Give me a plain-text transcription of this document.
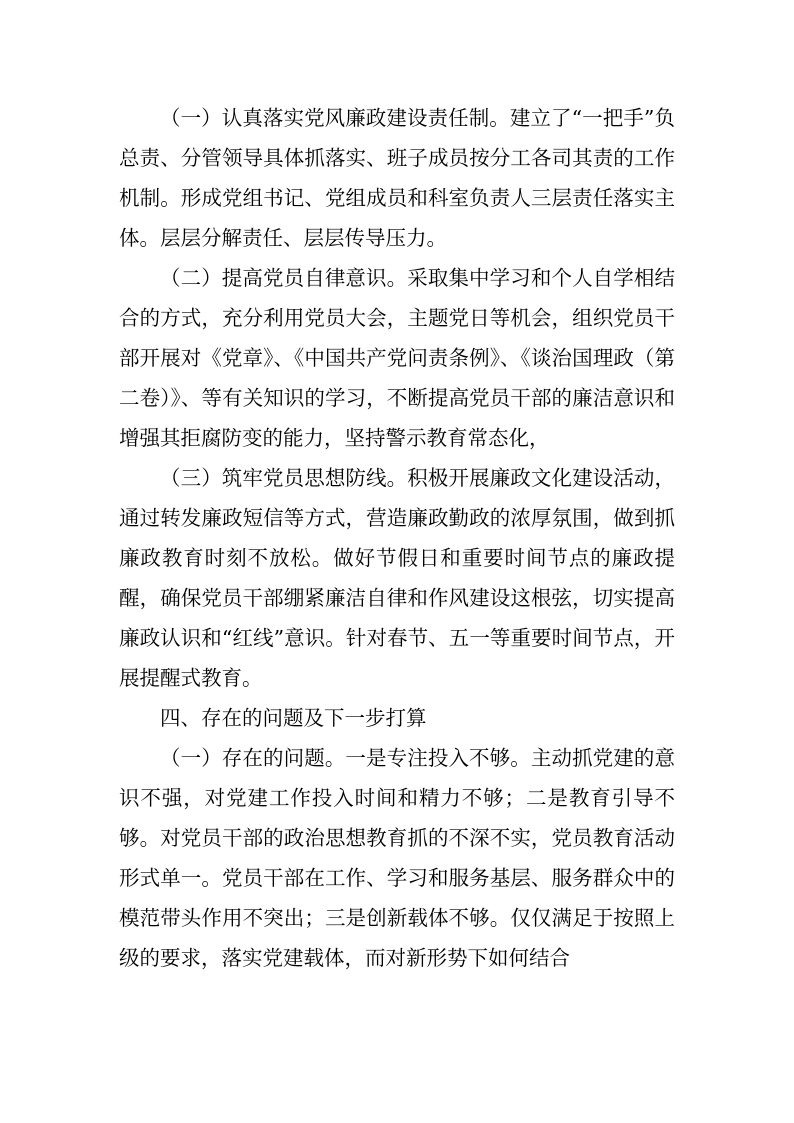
（一）认真落实党风廉政建设责任制。建立了“一把手”负总责、分管领导具体抓落实、班子成员按分工各司其责的工作机制。形成党组书记、党组成员和科室负责人三层责任落实主体。层层分解责任、层层传导压力。

（二）提高党员自律意识。采取集中学习和个人自学相结合的方式，充分利用党员大会，主题党日等机会，组织党员干部开展对《党章》、《中国共产党问责条例》、《谈治国理政（第二卷）》、等有关知识的学习，不断提高党员干部的廉洁意识和增强其拒腐防变的能力，坚持警示教育常态化，

（三）筑牢党员思想防线。积极开展廉政文化建设活动，通过转发廉政短信等方式，营造廉政勤政的浓厚氛围，做到抓廉政教育时刻不放松。做好节假日和重要时间节点的廉政提醒，确保党员干部绷紧廉洁自律和作风建设这根弦，切实提高廉政认识和“红线”意识。针对春节、五一等重要时间节点，开展提醒式教育。

四、存在的问题及下一步打算

（一）存在的问题。一是专注投入不够。主动抓党建的意识不强，对党建工作投入时间和精力不够；二是教育引导不够。对党员干部的政治思想教育抓的不深不实，党员教育活动形式单一。党员干部在工作、学习和服务基层、服务群众中的模范带头作用不突出；三是创新载体不够。仅仅满足于按照上级的要求，落实党建载体，而对新形势下如何结合
